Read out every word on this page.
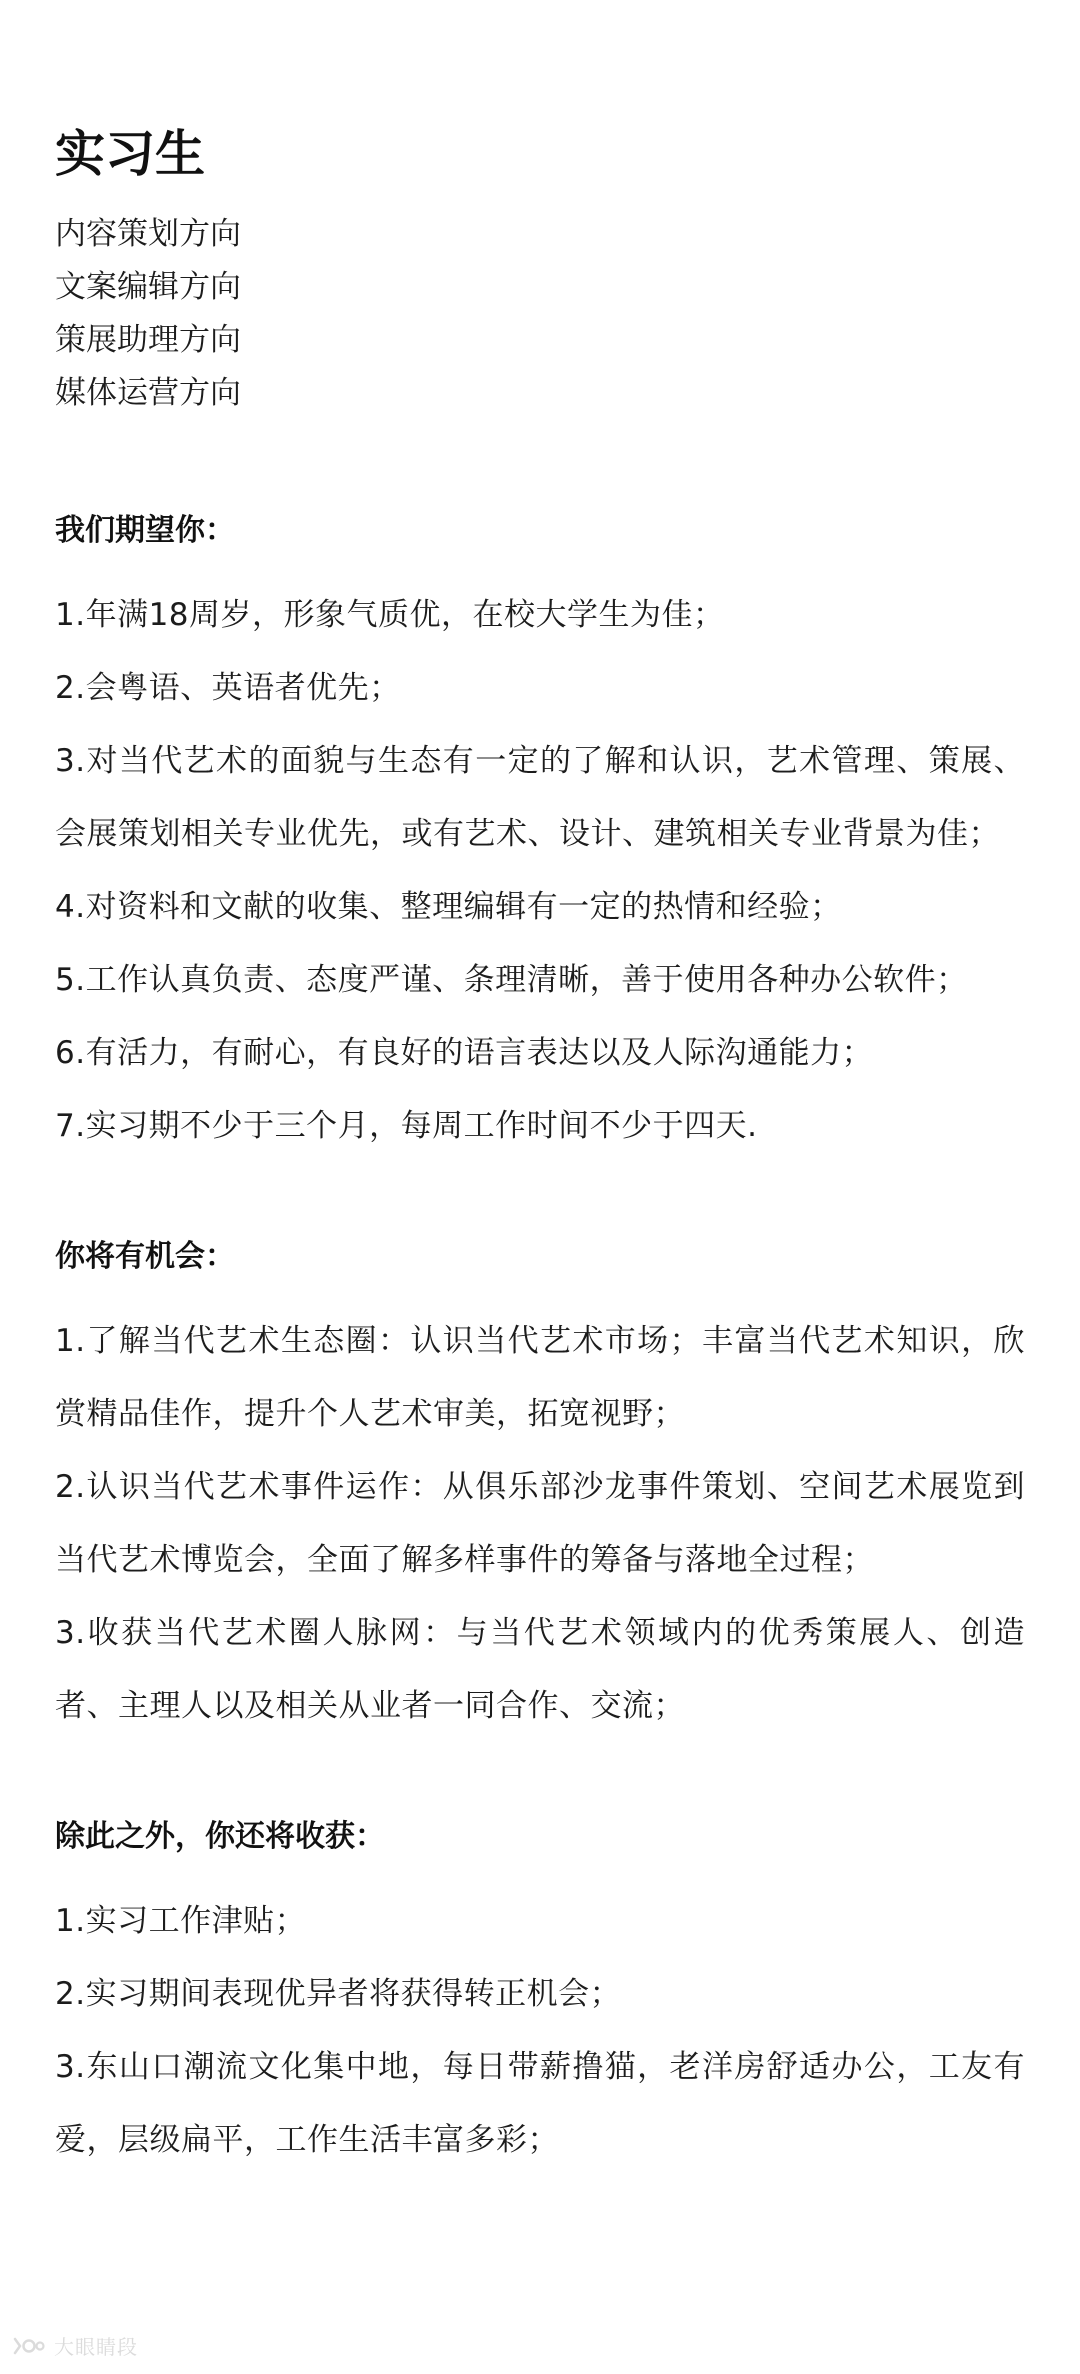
实习生
内容策划方向
文案编辑方向
策展助理方向
媒体运营方向
我们期望你：
1.年满18周岁，形象气质优，在校大学生为佳；
2.会粤语、英语者优先；
3.对当代艺术的面貌与生态有一定的了解和认识，艺术管理、策展、会展策划相关专业优先，或有艺术、设计、建筑相关专业背景为佳；
4.对资料和文献的收集、整理编辑有一定的热情和经验；
5.工作认真负责、态度严谨、条理清晰，善于使用各种办公软件；
6.有活力，有耐心，有良好的语言表达以及人际沟通能力；
7.实习期不少于三个月，每周工作时间不少于四天.
你将有机会：
1.了解当代艺术生态圈：认识当代艺术市场；丰富当代艺术知识，欣赏精品佳作，提升个人艺术审美，拓宽视野；
2.认识当代艺术事件运作：从俱乐部沙龙事件策划、空间艺术展览到当代艺术博览会，全面了解多样事件的筹备与落地全过程；
3.收获当代艺术圈人脉网：与当代艺术领域内的优秀策展人、创造者、主理人以及相关从业者一同合作、交流；
除此之外，你还将收获：
1.实习工作津贴；
2.实习期间表现优异者将获得转正机会；
3.东山口潮流文化集中地，每日带薪撸猫，老洋房舒适办公，工友有爱，层级扁平，工作生活丰富多彩；
大眼睛段
